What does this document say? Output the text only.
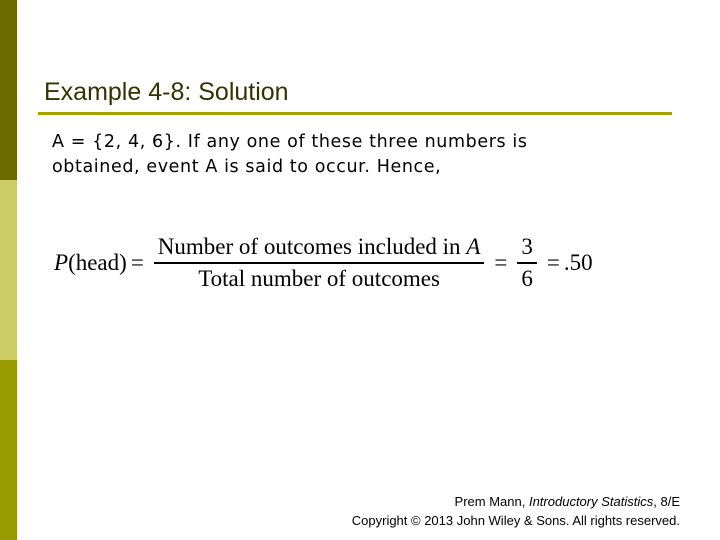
Example 4-8: Solution
A = {2, 4, 6}. If any one of these three numbers is
obtained, event A is said to occur. Hence,
P (head) = $\frac{\text{Number of outcomes included in A}}{\text{Total number of outcomes}} = \frac{3}{6} = .50$
Prem Mann, Introductory Statistics, 8/E
Copyright © 2013 John Wiley & Sons. All rights reserved.
